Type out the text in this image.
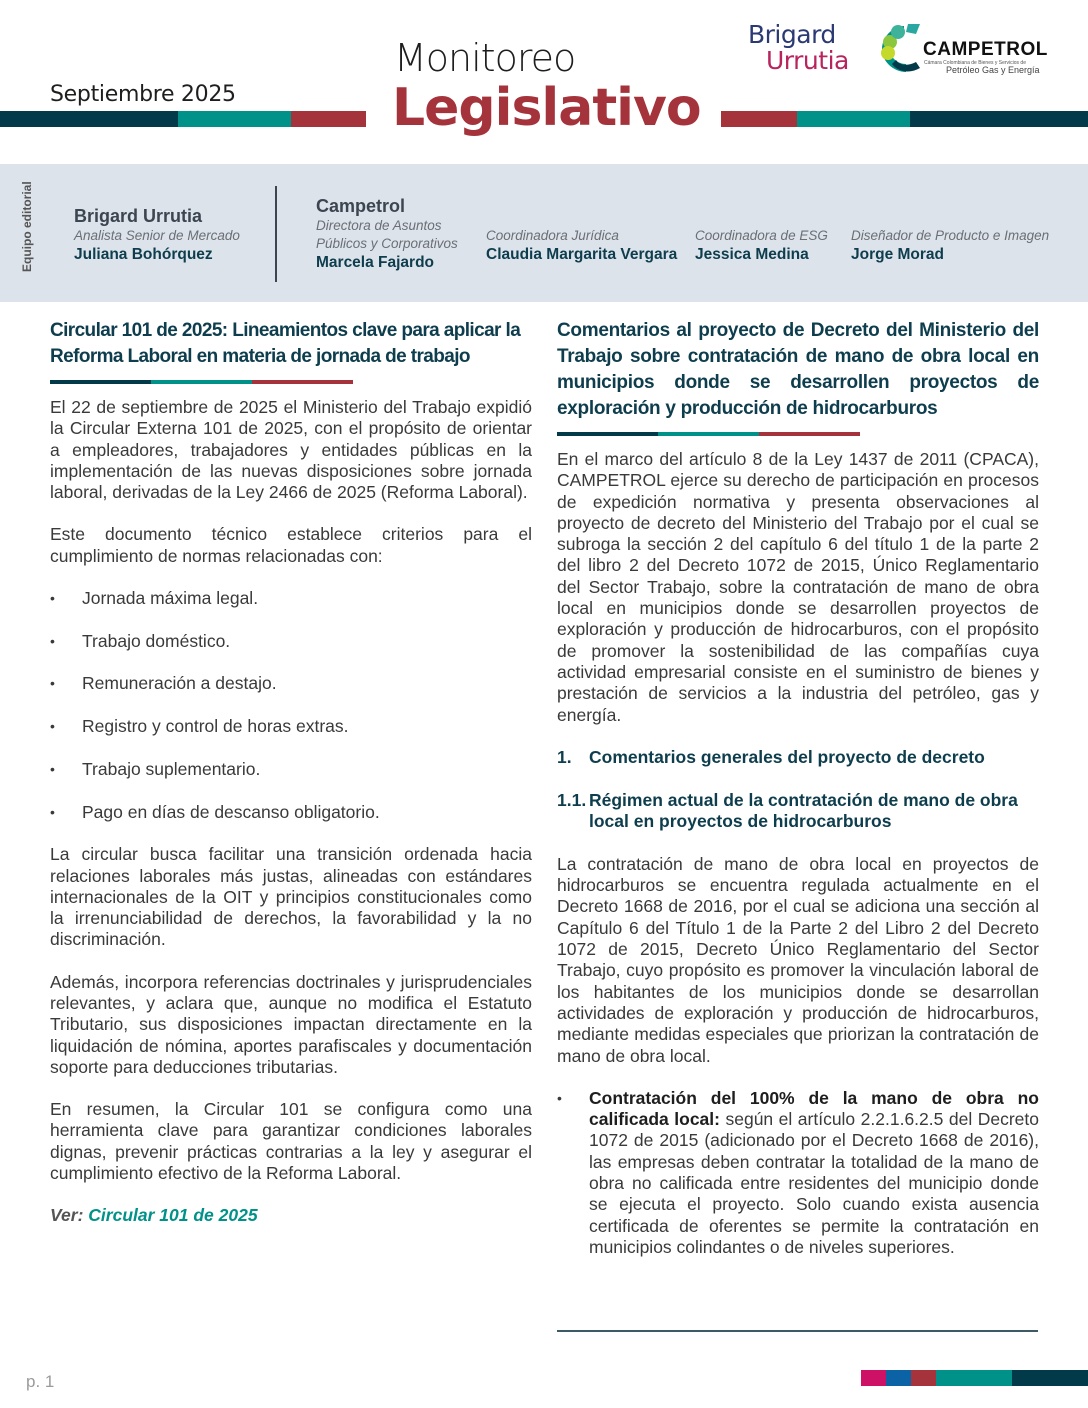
Septiembre 2025
Monitoreo
Legislativo
Brigard
Urrutia	CAMPETROL
Cámara Colombiana de Bienes y Servicios de
Petróleo Gas y Energía
Equipo editorial Brigard Urrutia
Analista Senior de Mercado
Juliana Bohórquez
Campetrol
Directora de Asuntos
Públicos y Corporativos
Marcela Fajardo
Coordinadora Jurídica
Claudia Margarita Vergara
Coordinadora de ESG
Jessica Medina
Diseñador de Producto e Imagen
Jorge Morad
Circular 101 de 2025: Lineamientos clave para aplicar la Reforma Laboral en materia de jornada de trabajo

El 22 de septiembre de 2025 el Ministerio del Trabajo expidió la Circular Externa 101 de 2025, con el propósito de orientar a empleadores, trabajadores y entidades públicas en la implementación de las nuevas disposiciones sobre jornada laboral, derivadas de la Ley 2466 de 2025 (Reforma Laboral).

Este documento técnico establece criterios para el cumplimiento de normas relacionadas con:

• Jornada máxima legal.
• Trabajo doméstico.
• Remuneración a destajo.
• Registro y control de horas extras.
• Trabajo suplementario.
• Pago en días de descanso obligatorio.

La circular busca facilitar una transición ordenada hacia relaciones laborales más justas, alineadas con estándares internacionales de la OIT y principios constitucionales como la irrenunciabilidad de derechos, la favorabilidad y la no discriminación.

Además, incorpora referencias doctrinales y jurisprudenciales relevantes, y aclara que, aunque no modifica el Estatuto Tributario, sus disposiciones impactan directamente en la liquidación de nómina, aportes parafiscales y documentación soporte para deducciones tributarias.

En resumen, la Circular 101 se configura como una herramienta clave para garantizar condiciones laborales dignas, prevenir prácticas contrarias a la ley y asegurar el cumplimiento efectivo de la Reforma Laboral.

Ver: Circular 101 de 2025

Comentarios al proyecto de Decreto del Ministerio del Trabajo sobre contratación de mano de obra local en municipios donde se desarrollen proyectos de exploración y producción de hidrocarburos

En el marco del artículo 8 de la Ley 1437 de 2011 (CPACA), CAMPETROL ejerce su derecho de participación en procesos de expedición normativa y presenta observaciones al proyecto de decreto del Ministerio del Trabajo por el cual se subroga la sección 2 del capítulo 6 del título 1 de la parte 2 del libro 2 del Decreto 1072 de 2015, Único Reglamentario del Sector Trabajo, sobre la contratación de mano de obra local en municipios donde se desarrollen proyectos de exploración y producción de hidrocarburos, con el propósito de promover la sostenibilidad de las compañías cuya actividad empresarial consiste en el suministro de bienes y prestación de servicios a la industria del petróleo, gas y energía.

1. Comentarios generales del proyecto de decreto
1.1. Régimen actual de la contratación de mano de obra local en proyectos de hidrocarburos

La contratación de mano de obra local en proyectos de hidrocarburos se encuentra regulada actualmente en el Decreto 1668 de 2016, por el cual se adiciona una sección al Capítulo 6 del Título 1 de la Parte 2 del Libro 2 del Decreto 1072 de 2015, Decreto Único Reglamentario del Sector Trabajo, cuyo propósito es promover la vinculación laboral de los habitantes de los municipios donde se desarrollan actividades de exploración y producción de hidrocarburos, mediante medidas especiales que priorizan la contratación de mano de obra local.

• Contratación del 100% de la mano de obra no calificada local: según el artículo 2.2.1.6.2.5 del Decreto 1072 de 2015 (adicionado por el Decreto 1668 de 2016), las empresas deben contratar la totalidad de la mano de obra no calificada entre residentes del municipio donde se ejecuta el proyecto. Solo cuando exista ausencia certificada de oferentes se permite la contratación en municipios colindantes o de niveles superiores.
p. 1
